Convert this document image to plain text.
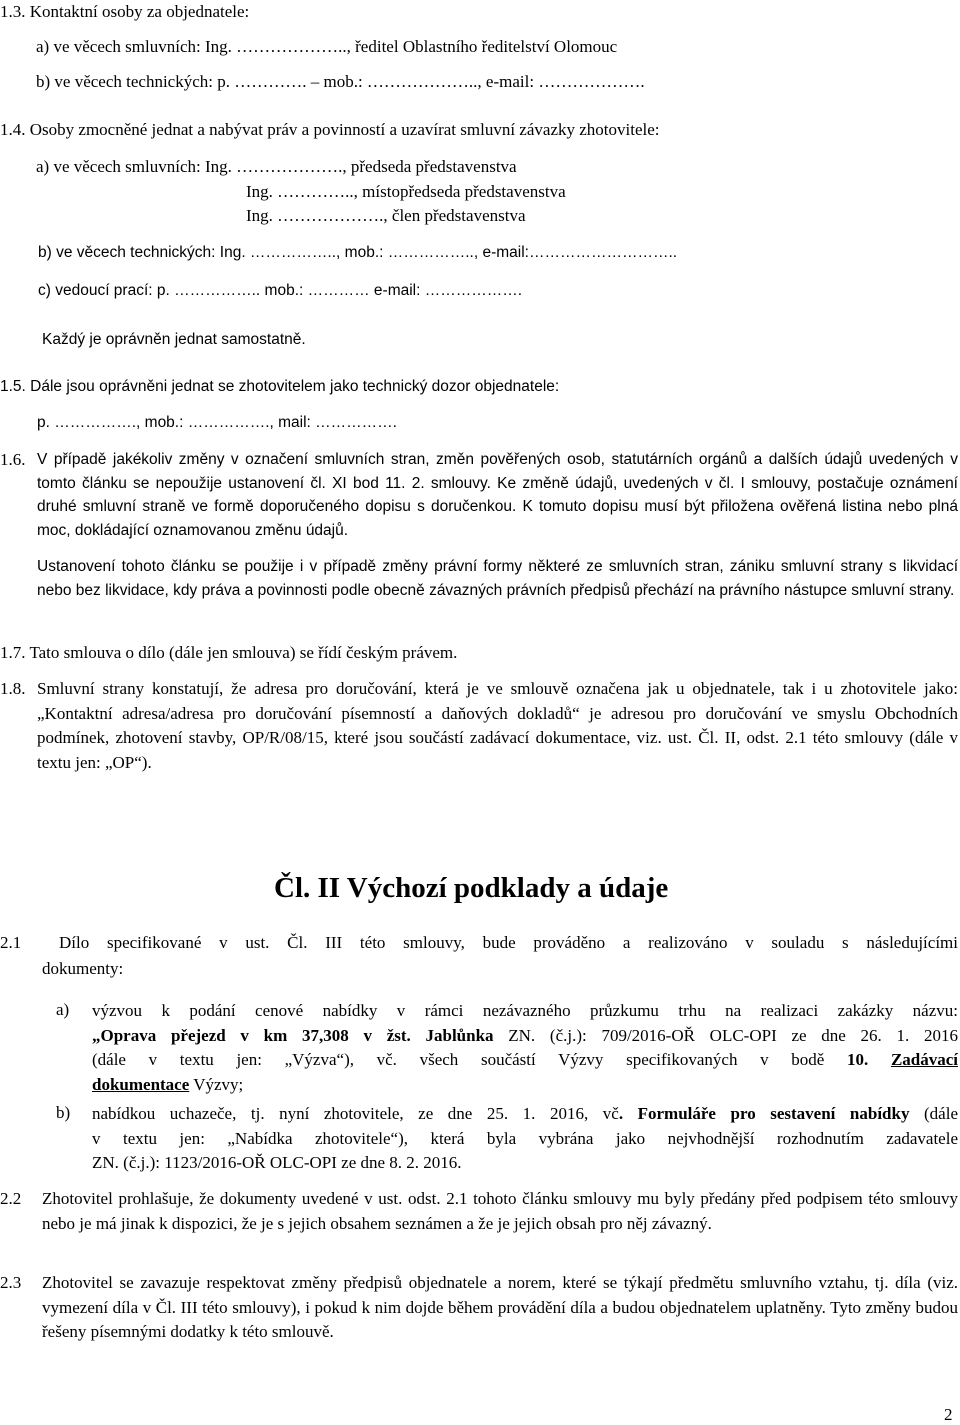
1.3. Kontaktní osoby za objednatele:
a) ve věcech smluvních: Ing. ……………….., ředitel Oblastního ředitelství Olomouc
b) ve věcech technických: p. …………. – mob.: ……………….., e-mail: ……………….
1.4. Osoby zmocněné jednat a nabývat práv a povinností a uzavírat smluvní závazky zhotovitele:
a) ve věcech smluvních: Ing. ………………., předseda představenstva
Ing. ………….., místopředseda představenstva
Ing. ………………., člen představenstva
b) ve věcech technických: Ing. …………….., mob.: …………….., e-mail:………………………..
c) vedoucí prací: p. …………….. mob.: ………… e-mail: ……………….
Každý je oprávněn jednat samostatně.
1.5. Dále jsou oprávněni jednat se zhotovitelem jako technický dozor objednatele:
p. ……………., mob.: ……………., mail: …………….
1.6. V případě jakékoliv změny v označení smluvních stran, změn pověřených osob, statutárních orgánů a dalších údajů uvedených v tomto článku se nepoužije ustanovení čl. XI bod 11. 2. smlouvy. Ke změně údajů, uvedených v čl. I smlouvy, postačuje oznámení druhé smluvní straně ve formě doporučeného dopisu s doručenkou. K tomuto dopisu musí být přiložena ověřená listina nebo plná moc, dokládající oznamovanou změnu údajů.
Ustanovení tohoto článku se použije i v případě změny právní formy některé ze smluvních stran, zániku smluvní strany s likvidací nebo bez likvidace, kdy práva a povinnosti podle obecně závazných právních předpisů přechází na právního nástupce smluvní strany.
1.7. Tato smlouva o dílo (dále jen smlouva) se řídí českým právem.
1.8. Smluvní strany konstatují, že adresa pro doručování, která je ve smlouvě označena jak u objednatele, tak i u zhotovitele jako: „Kontaktní adresa/adresa pro doručování písemností a daňových dokladů“ je adresou pro doručování ve smyslu Obchodních podmínek, zhotovení stavby, OP/R/08/15, které jsou součástí zadávací dokumentace, viz. ust. Čl. II, odst. 2.1 této smlouvy (dále v textu jen: „OP“).
Čl. II Výchozí podklady a údaje
2.1 Dílo specifikované v ust. Čl. III této smlouvy, bude prováděno a realizováno v souladu s následujícími
dokumenty:
a) výzvou k podání cenové nabídky v rámci nezávazného průzkumu trhu na realizaci zakázky názvu:
„Oprava přejezd v km 37,308 v žst. Jablůnka ZN. (č.j.): 709/2016-OŘ OLC-OPI ze dne 26. 1. 2016
(dále v textu jen: „Výzva“), vč. všech součástí Výzvy specifikovaných v bodě 10. Zadávací
dokumentace Výzvy;
b) nabídkou uchazeče, tj. nyní zhotovitele, ze dne 25. 1. 2016, vč. Formuláře pro sestavení nabídky (dále
v textu jen: „Nabídka zhotovitele“), která byla vybrána jako nejvhodnější rozhodnutím zadavatele
ZN. (č.j.): 1123/2016-OŘ OLC-OPI ze dne 8. 2. 2016.
2.2 Zhotovitel prohlašuje, že dokumenty uvedené v ust. odst. 2.1 tohoto článku smlouvy mu byly předány před podpisem této smlouvy nebo je má jinak k dispozici, že je s jejich obsahem seznámen a že je jejich obsah pro něj závazný.
2.3 Zhotovitel se zavazuje respektovat změny předpisů objednatele a norem, které se týkají předmětu smluvního vztahu, tj. díla (viz. vymezení díla v Čl. III této smlouvy), i pokud k nim dojde během provádění díla a budou objednatelem uplatněny. Tyto změny budou řešeny písemnými dodatky k této smlouvě.
2
